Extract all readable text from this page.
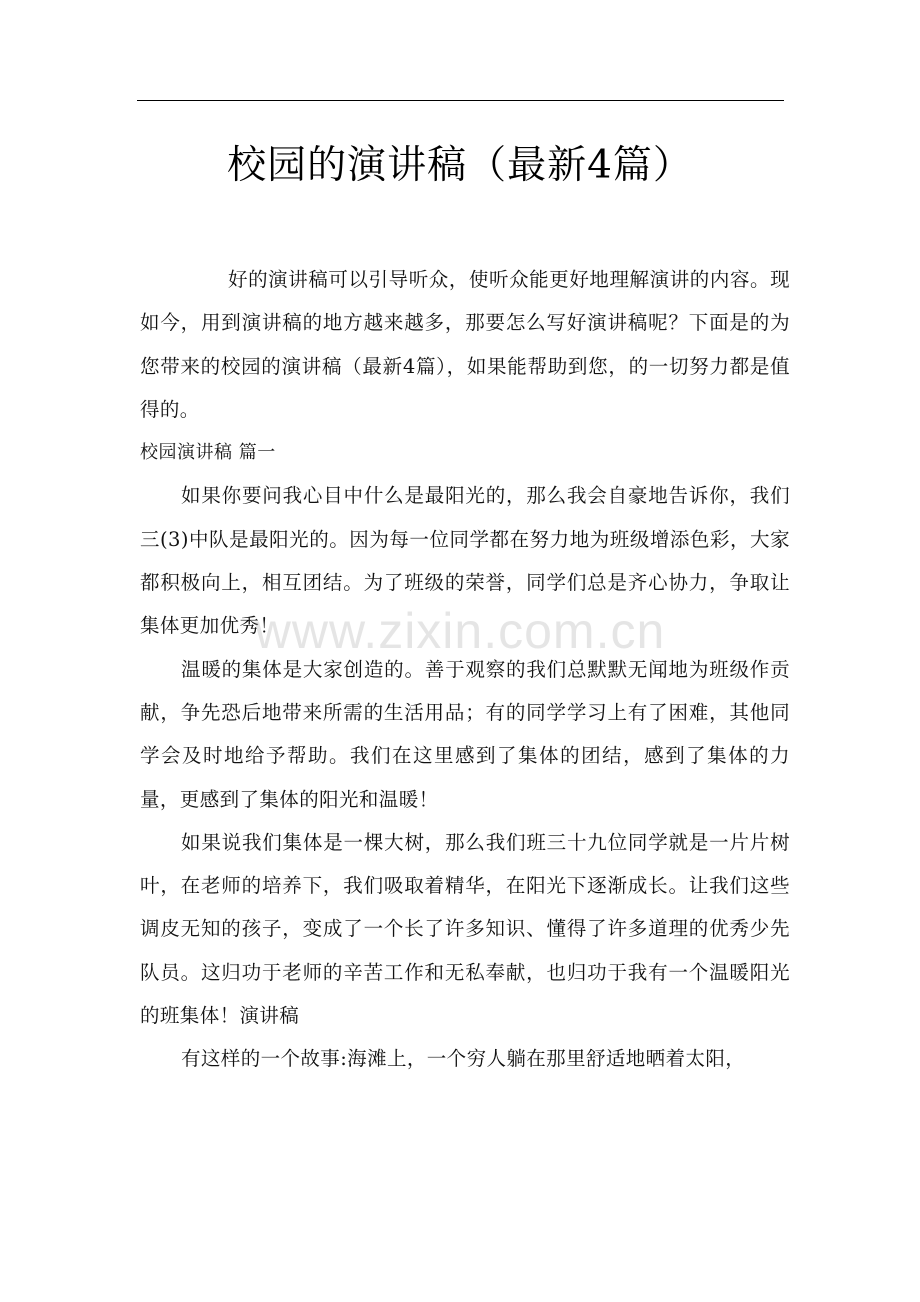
校园的演讲稿（最新4篇）

好的演讲稿可以引导听众，使听众能更好地理解演讲的内容。现如今，用到演讲稿的地方越来越多，那要怎么写好演讲稿呢？下面是的为您带来的校园的演讲稿（最新4篇），如果能帮助到您，的一切努力都是值得的。

校园演讲稿 篇一

如果你要问我心目中什么是最阳光的，那么我会自豪地告诉你，我们三(3)中队是最阳光的。因为每一位同学都在努力地为班级增添色彩，大家都积极向上，相互团结。为了班级的荣誉，同学们总是齐心协力，争取让集体更加优秀！

温暖的集体是大家创造的。善于观察的我们总默默无闻地为班级作贡献，争先恐后地带来所需的生活用品；有的同学学习上有了困难，其他同学会及时地给予帮助。我们在这里感到了集体的团结，感到了集体的力量，更感到了集体的阳光和温暖！

如果说我们集体是一棵大树，那么我们班三十九位同学就是一片片树叶，在老师的培养下，我们吸取着精华，在阳光下逐渐成长。让我们这些调皮无知的孩子，变成了一个长了许多知识、懂得了许多道理的优秀少先队员。这归功于老师的辛苦工作和无私奉献，也归功于我有一个温暖阳光的班集体！演讲稿

有这样的一个故事:海滩上，一个穷人躺在那里舒适地晒着太阳，

www.zixin.com.cn
